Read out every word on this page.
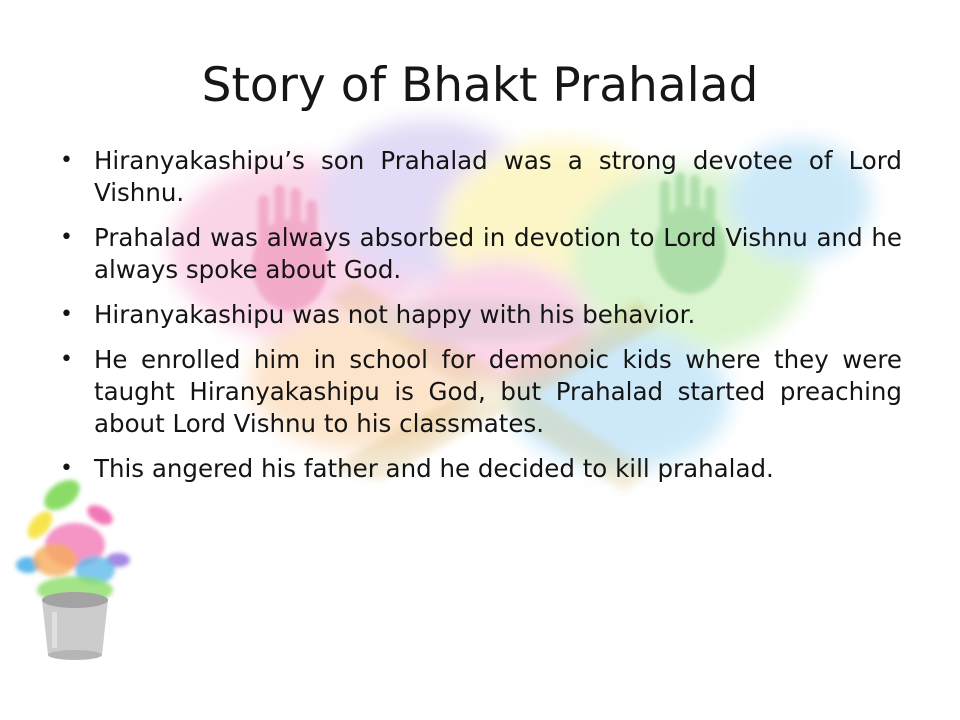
Story of Bhakt Prahalad
• Hiranyakashipu’s son Prahalad was a strong devotee of Lord Vishnu.
• Prahalad was always absorbed in devotion to Lord Vishnu and he always spoke about God.
• Hiranyakashipu was not happy with his behavior.
• He enrolled him in school for demonoic kids where they were taught Hiranyakashipu is God, but Prahalad started preaching about Lord Vishnu to his classmates.
• This angered his father and he decided to kill prahalad.
